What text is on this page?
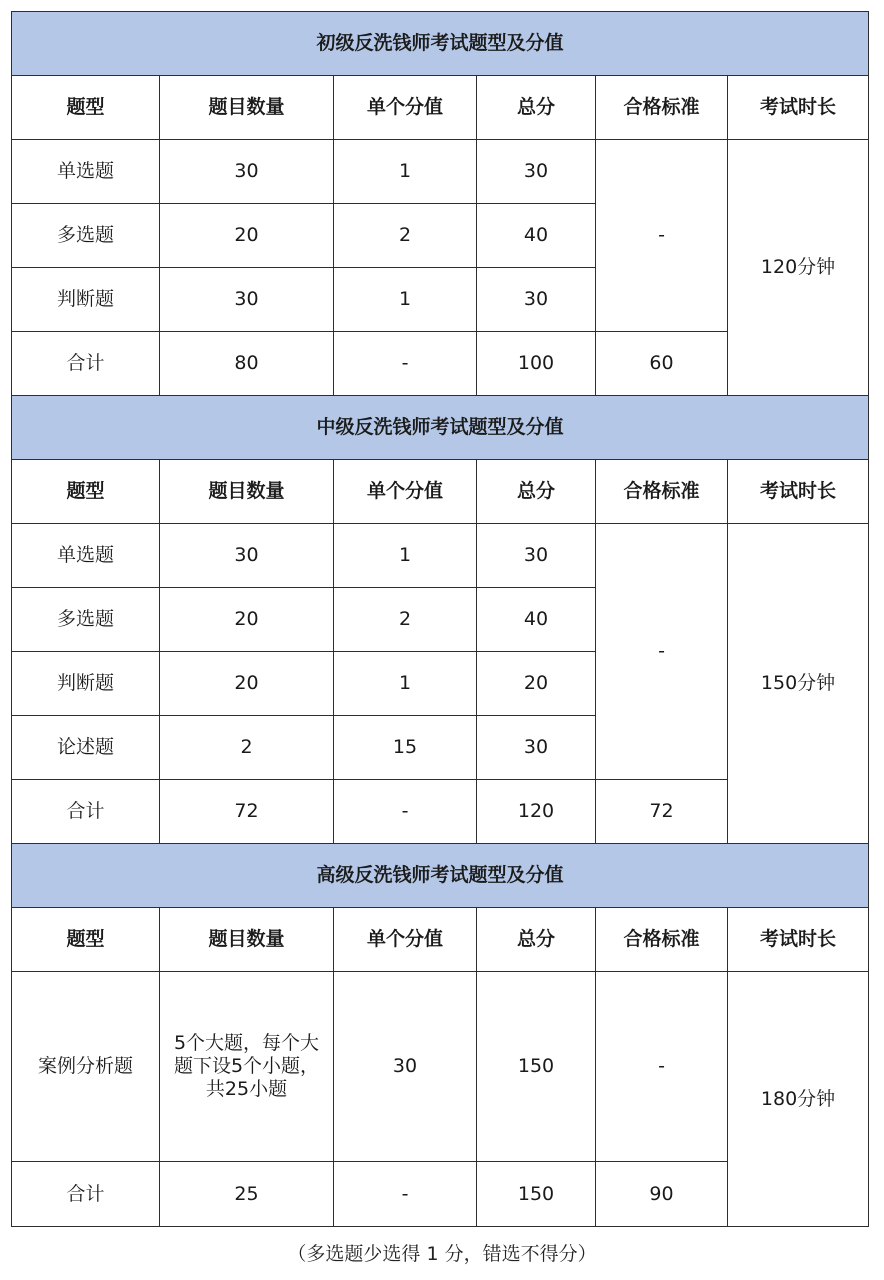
初级反洗钱师考试题型及分值					
题型	题目数量	单个分值	总分	合格标准	考试时长
单选题	30	1	30	-	120分钟
多选题	20	2	40		
判断题	30	1	30		
合计	80	-	100	60	
中级反洗钱师考试题型及分值					
题型	题目数量	单个分值	总分	合格标准	考试时长
单选题	30	1	30	-	150分钟
多选题	20	2	40		
判断题	20	1	20		
论述题	2	15	30		
合计	72	-	120	72	
高级反洗钱师考试题型及分值					
题型	题目数量	单个分值	总分	合格标准	考试时长
案例分析题	5个大题，每个大题下设5个小题，共25小题	30	150	-	180分钟
合计	25	-	150	90	
（多选题少选得 1 分，错选不得分）
